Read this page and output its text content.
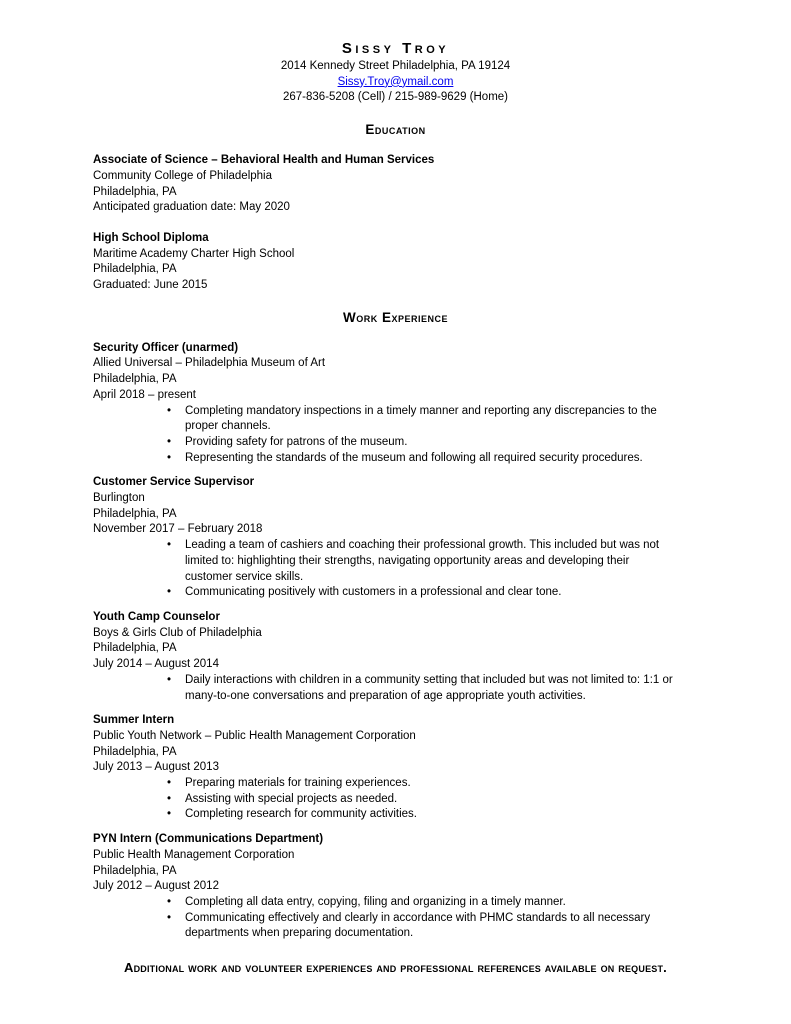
Sissy Troy
2014 Kennedy Street Philadelphia, PA 19124
Sissy.Troy@ymail.com
267-836-5208 (Cell) / 215-989-9629 (Home)
Education
Associate of Science – Behavioral Health and Human Services
Community College of Philadelphia
Philadelphia, PA
Anticipated graduation date: May 2020
High School Diploma
Maritime Academy Charter High School
Philadelphia, PA
Graduated: June 2015
Work Experience
Security Officer (unarmed)
Allied Universal – Philadelphia Museum of Art
Philadelphia, PA
April 2018 – present
• Completing mandatory inspections in a timely manner and reporting any discrepancies to the proper channels.
• Providing safety for patrons of the museum.
• Representing the standards of the museum and following all required security procedures.
Customer Service Supervisor
Burlington
Philadelphia, PA
November 2017 – February 2018
• Leading a team of cashiers and coaching their professional growth. This included but was not limited to: highlighting their strengths, navigating opportunity areas and developing their customer service skills.
• Communicating positively with customers in a professional and clear tone.
Youth Camp Counselor
Boys & Girls Club of Philadelphia
Philadelphia, PA
July 2014 – August 2014
• Daily interactions with children in a community setting that included but was not limited to: 1:1 or many-to-one conversations and preparation of age appropriate youth activities.
Summer Intern
Public Youth Network – Public Health Management Corporation
Philadelphia, PA
July 2013 – August 2013
• Preparing materials for training experiences.
• Assisting with special projects as needed.
• Completing research for community activities.
PYN Intern (Communications Department)
Public Health Management Corporation
Philadelphia, PA
July 2012 – August 2012
• Completing all data entry, copying, filing and organizing in a timely manner.
• Communicating effectively and clearly in accordance with PHMC standards to all necessary departments when preparing documentation.
Additional work and volunteer experiences and professional references available on request.
